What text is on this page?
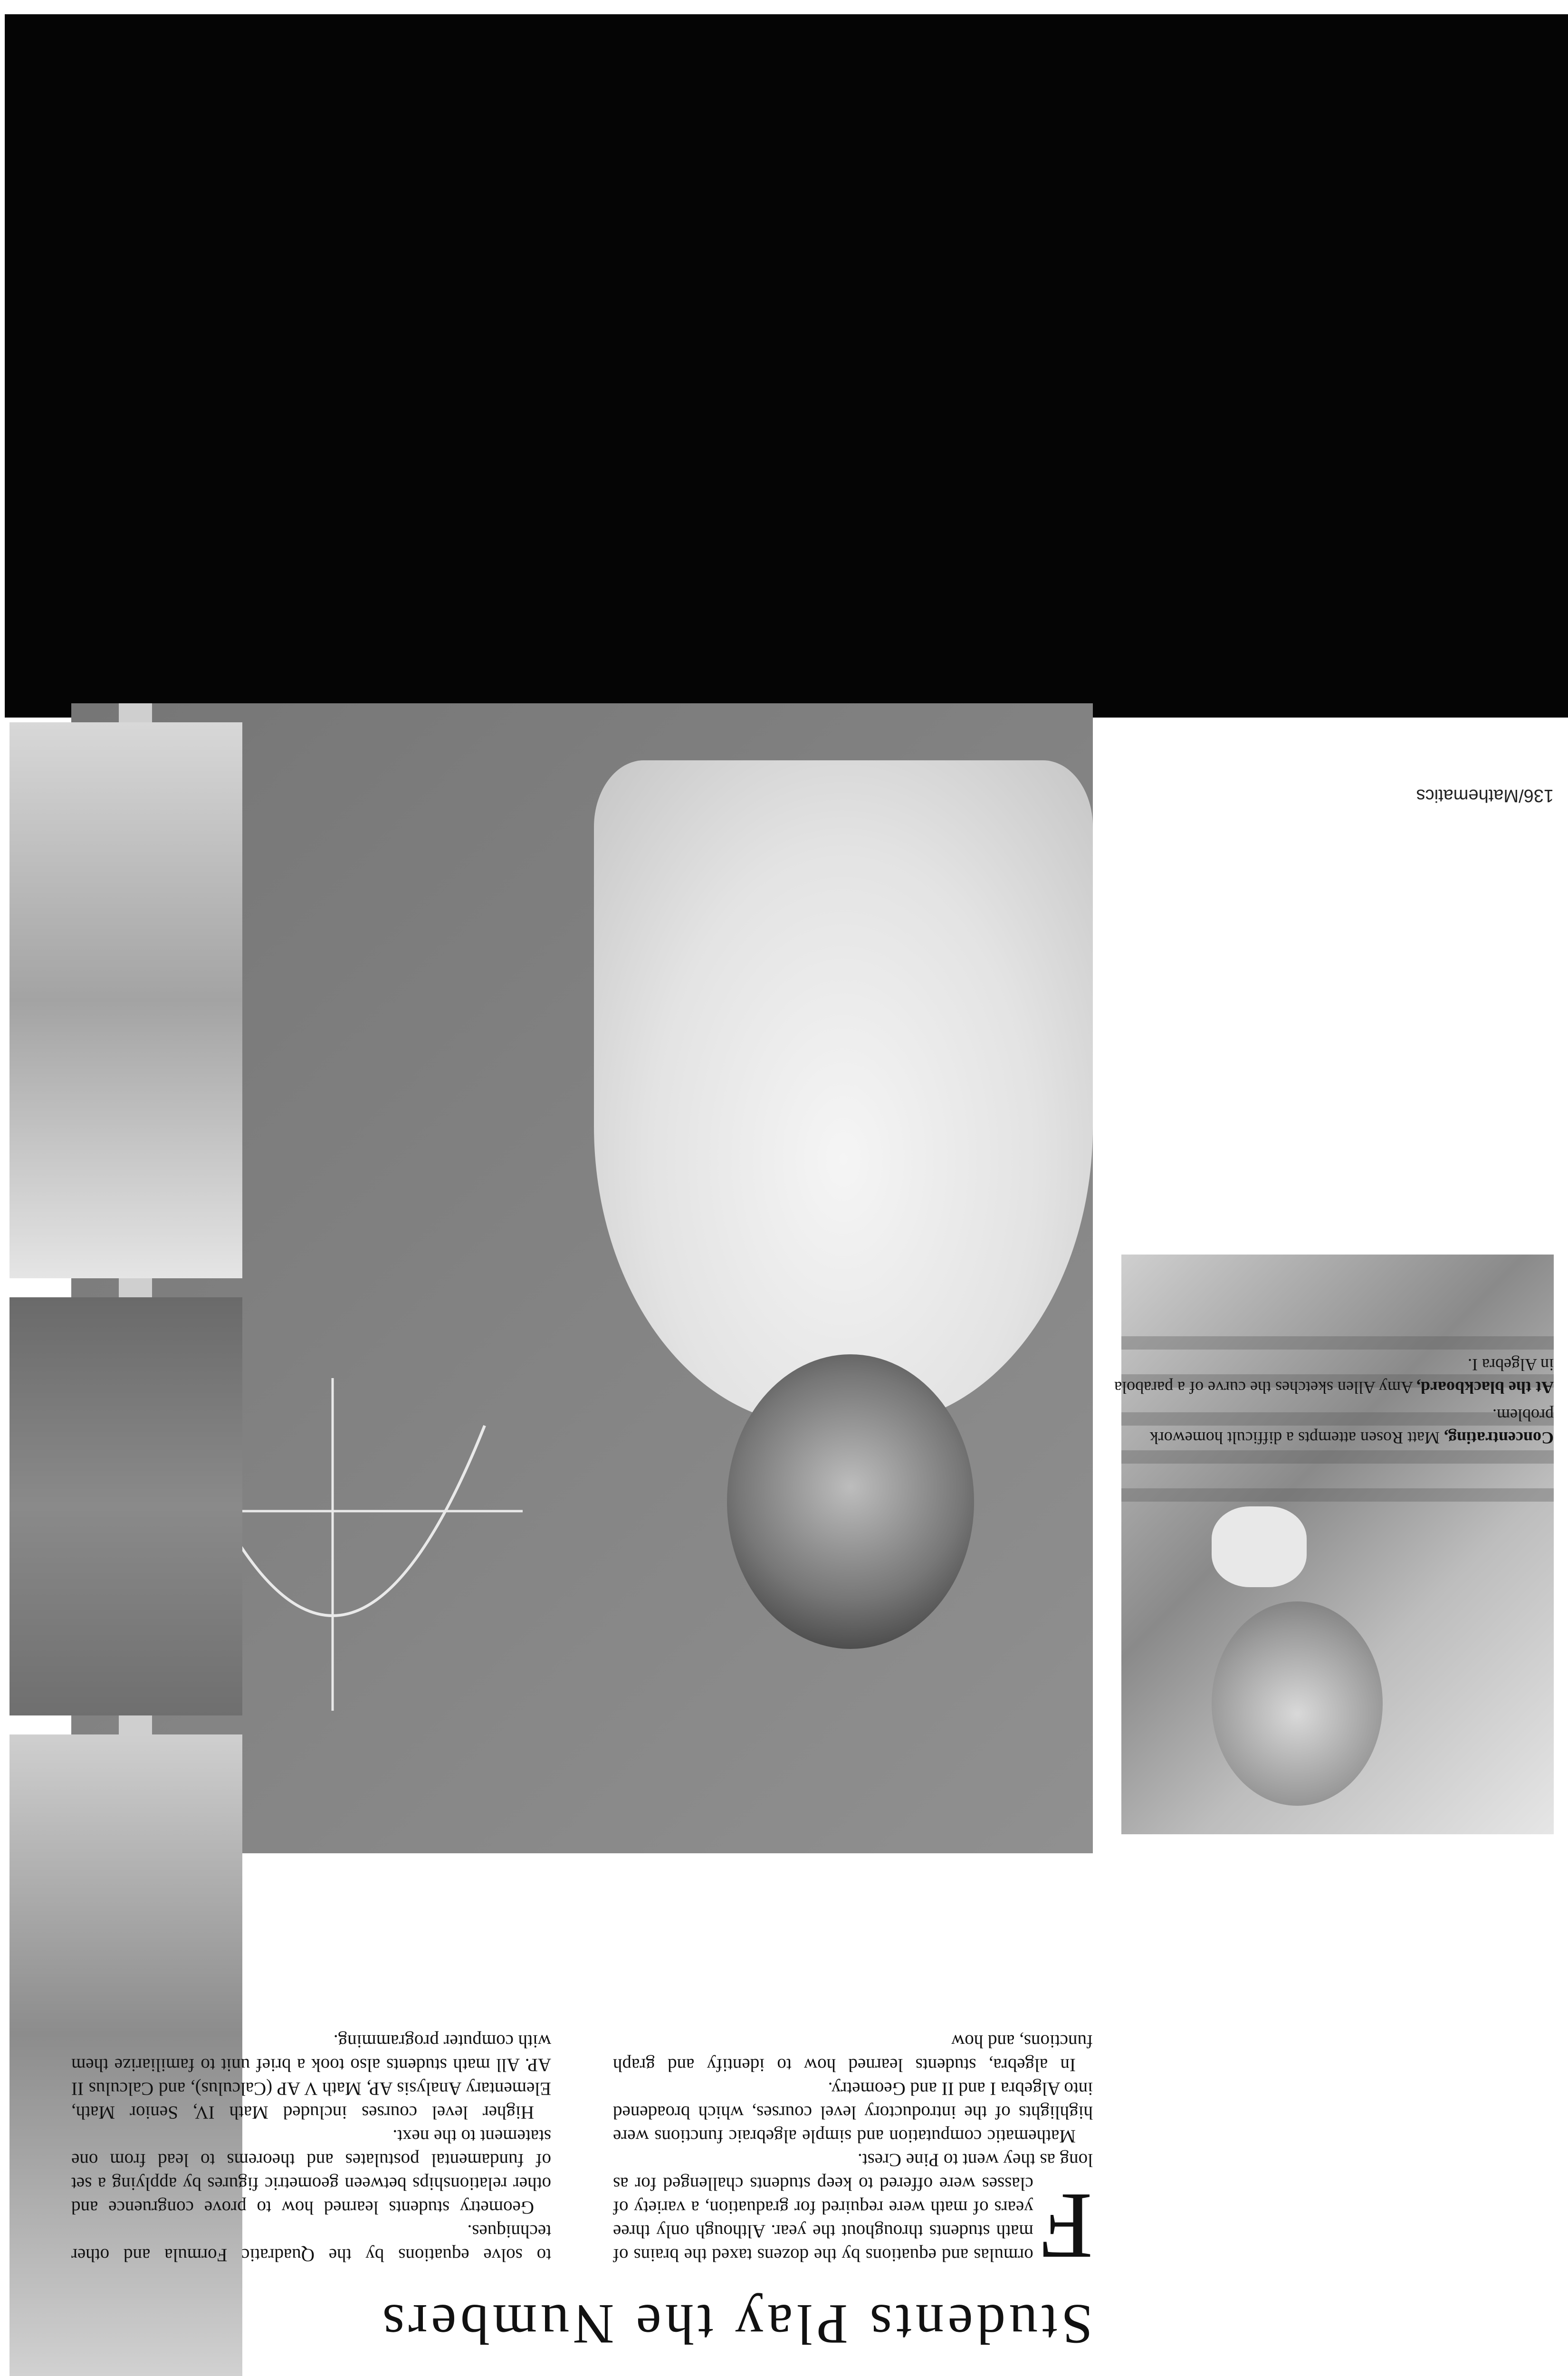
136/Mathematics

Concentrating, Matt Rosen attempts a difficult homework problem.

At the blackboard, Amy Allen sketches the curve of a parabola in Algebra I.

Students Play the Numbers

F
ormulas and equations by the dozens taxed the brains of math students throughout the year. Although only three years of math were required for graduation, a variety of classes were offered to keep students challenged for as long as they went to Pine Crest.

Mathematic computation and simple algebraic functions were highlights of the introductory level courses, which broadened into Algebra I and II and Geometry.

In algebra, students learned how to identify and graph functions, and how

to solve equations by the Quadratic Formula and other techniques.

Geometry students learned how to prove congruence and other relationships between geometric figures by applying a set of fundamental postulates and theorems to lead from one statement to the next.

Higher level courses included Math IV, Senior Math, Elementary Analysis AP, Math V AP (Calculus), and Calculus II AP. All math students also took a brief unit to familiarize them with computer programming.
